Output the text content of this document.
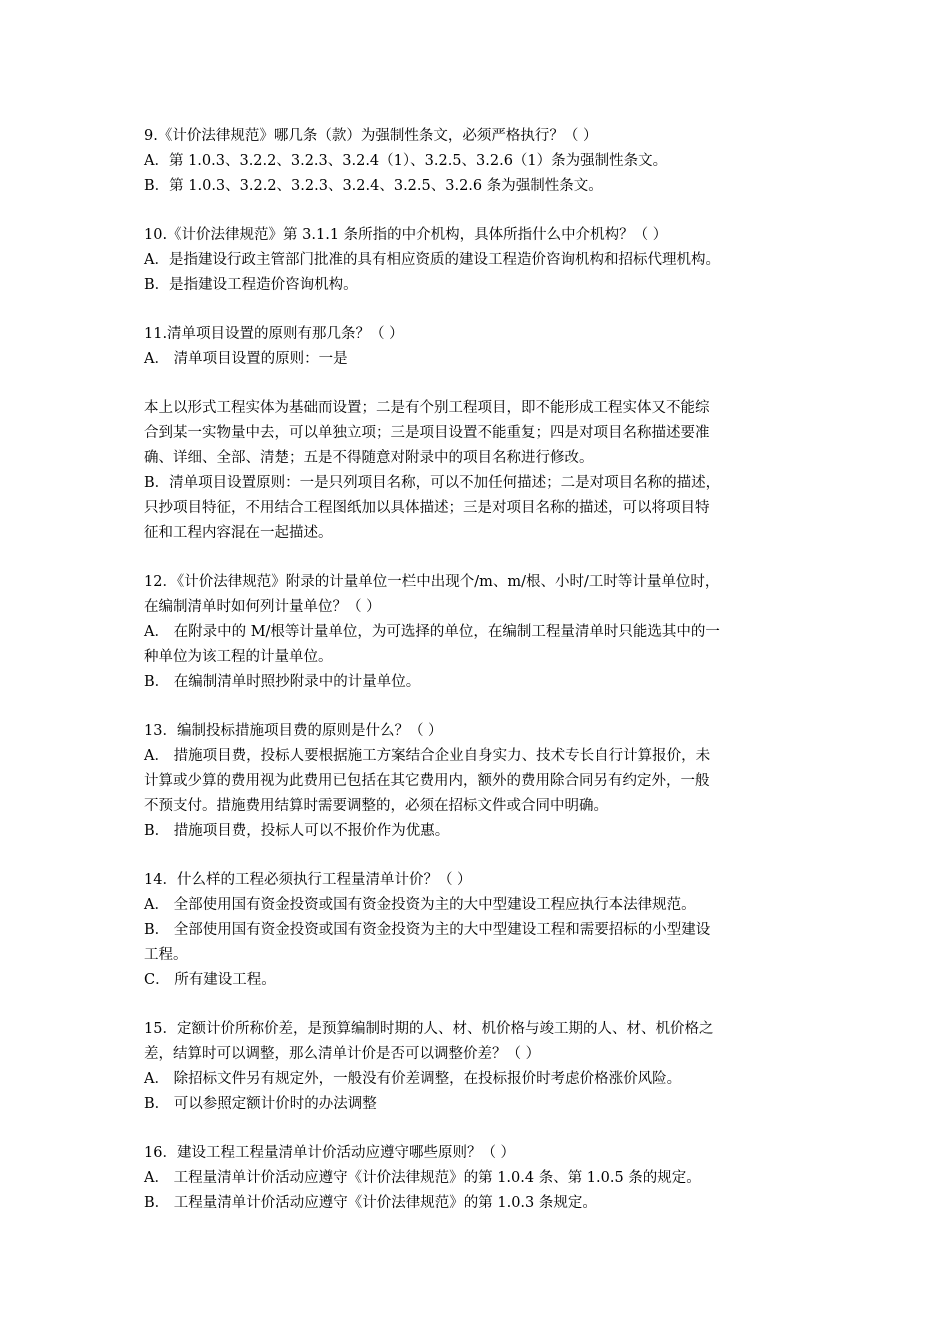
9.《计价法律规范》哪几条（款）为强制性条文，必须严格执行？（ ）

A．第 1.0.3、3.2.2、3.2.3、3.2.4（1）、3.2.5、3.2.6（1）条为强制性条文。

B．第 1.0.3、3.2.2、3.2.3、3.2.4、3.2.5、3.2.6 条为强制性条文。

10.《计价法律规范》第 3.1.1 条所指的中介机构，具体所指什么中介机构？（ ）

A．是指建设行政主管部门批准的具有相应资质的建设工程造价咨询机构和招标代理机构。

B．是指建设工程造价咨询机构。

11.清单项目设置的原则有那几条？（ ）

A． 清单项目设置的原则：一是

本上以形式工程实体为基础而设置；二是有个别工程项目，即不能形成工程实体又不能综

合到某一实物量中去，可以单独立项；三是项目设置不能重复；四是对项目名称描述要准

确、详细、全部、清楚；五是不得随意对附录中的项目名称进行修改。

B．清单项目设置原则：一是只列项目名称，可以不加任何描述；二是对项目名称的描述，

只抄项目特征，不用结合工程图纸加以具体描述；三是对项目名称的描述，可以将项目特

征和工程内容混在一起描述。

12．《计价法律规范》附录的计量单位一栏中出现个/m、m/根、小时/工时等计量单位时，

在编制清单时如何列计量单位？（ ）

A． 在附录中的 M/根等计量单位，为可选择的单位，在编制工程量清单时只能选其中的一

种单位为该工程的计量单位。

B． 在编制清单时照抄附录中的计量单位。

13．编制投标措施项目费的原则是什么？（ ）

A． 措施项目费，投标人要根据施工方案结合企业自身实力、技术专长自行计算报价，未

计算或少算的费用视为此费用已包括在其它费用内，额外的费用除合同另有约定外，一般

不预支付。措施费用结算时需要调整的，必须在招标文件或合同中明确。

B． 措施项目费，投标人可以不报价作为优惠。

14．什么样的工程必须执行工程量清单计价？（ ）

A． 全部使用国有资金投资或国有资金投资为主的大中型建设工程应执行本法律规范。

B． 全部使用国有资金投资或国有资金投资为主的大中型建设工程和需要招标的小型建设

工程。

C． 所有建设工程。

15．定额计价所称价差，是预算编制时期的人、材、机价格与竣工期的人、材、机价格之

差，结算时可以调整，那么清单计价是否可以调整价差？（ ）

A． 除招标文件另有规定外，一般没有价差调整，在投标报价时考虑价格涨价风险。

B． 可以参照定额计价时的办法调整

16．建设工程工程量清单计价活动应遵守哪些原则？（ ）

A． 工程量清单计价活动应遵守《计价法律规范》的第 1.0.4 条、第 1.0.5 条的规定。

B． 工程量清单计价活动应遵守《计价法律规范》的第 1.0.3 条规定。
